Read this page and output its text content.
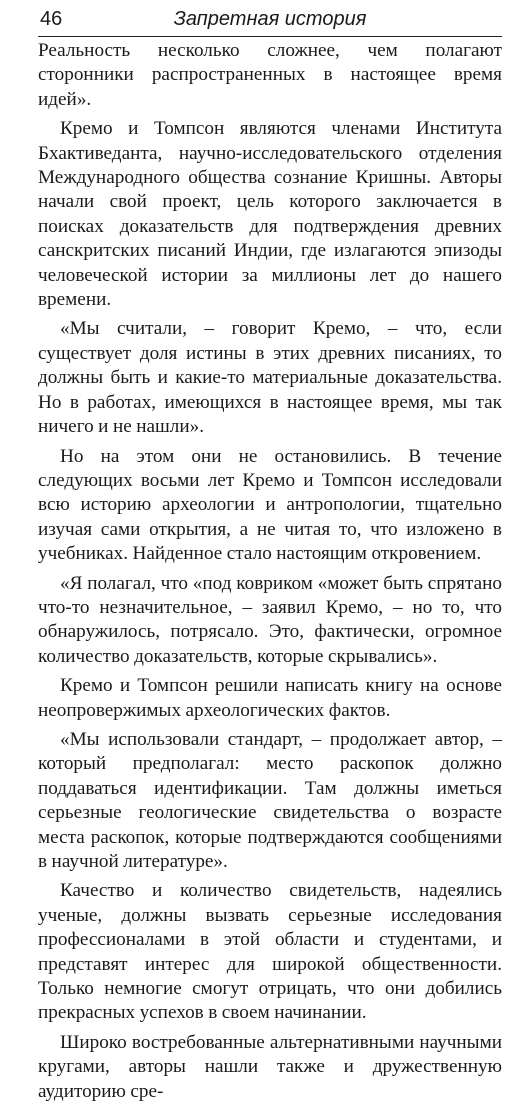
46	Запретная история

Реальность несколько сложнее, чем полагают сторонники распространенных в настоящее время идей».

Кремо и Томпсон являются членами Института Бхактиведанта, научно-исследовательского отделения Международного общества сознание Кришны. Авторы начали свой проект, цель которого заключается в поисках доказательств для подтверждения древних санскритских писаний Индии, где излагаются эпизоды человеческой истории за миллионы лет до нашего времени.

«Мы считали, – говорит Кремо, – что, если существует доля истины в этих древних писаниях, то должны быть и какие-то материальные доказательства. Но в работах, имеющихся в настоящее время, мы так ничего и не нашли».

Но на этом они не остановились. В течение следующих восьми лет Кремо и Томпсон исследовали всю историю археологии и антропологии, тщательно изучая сами открытия, а не читая то, что изложено в учебниках. Найденное стало настоящим откровением.

«Я полагал, что «под ковриком «может быть спрятано что-то незначительное, – заявил Кремо, – но то, что обнаружилось, потрясало. Это, фактически, огромное количество доказательств, которые скрывались».

Кремо и Томпсон решили написать книгу на основе неопровержимых археологических фактов.

«Мы использовали стандарт, – продолжает автор, – который предполагал: место раскопок должно поддаваться идентификации. Там должны иметься серьезные геологические свидетельства о возрасте места раскопок, которые подтверждаются сообщениями в научной литературе».

Качество и количество свидетельств, надеялись ученые, должны вызвать серьезные исследования профессионалами в этой области и студентами, и представят интерес для широкой общественности. Только немногие смогут отрицать, что они добились прекрасных успехов в своем начинании.

Широко востребованные альтернативными научными кругами, авторы нашли также и дружественную аудиторию сре-
